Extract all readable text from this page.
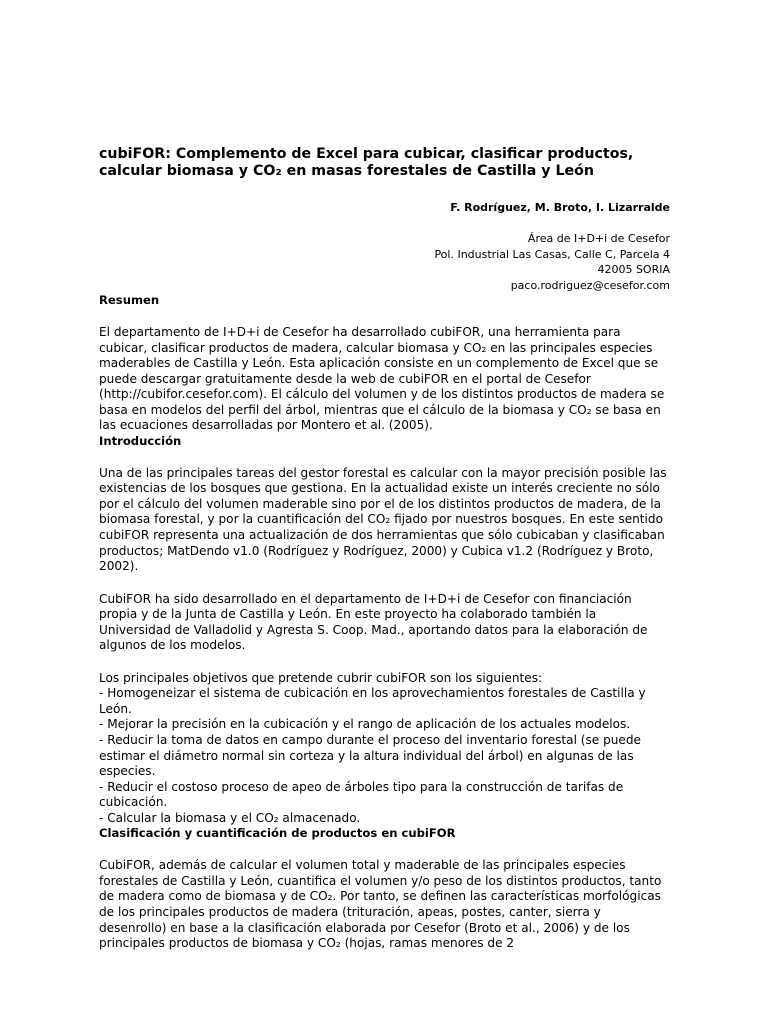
cubiFOR: Complemento de Excel para cubicar, clasificar productos,
calcular biomasa y CO₂ en masas forestales de Castilla y León
F. Rodríguez, M. Broto, I. Lizarralde
Área de I+D+i de Cesefor
Pol. Industrial Las Casas, Calle C, Parcela 4
42005 SORIA
paco.rodriguez@cesefor.com
Resumen

El departamento de I+D+i de Cesefor ha desarrollado cubiFOR, una herramienta para cubicar, clasificar productos de madera, calcular biomasa y CO₂ en las principales especies maderables de Castilla y León. Esta aplicación consiste en un complemento de Excel que se puede descargar gratuitamente desde la web de cubiFOR en el portal de Cesefor (http://cubifor.cesefor.com). El cálculo del volumen y de los distintos productos de madera se basa en modelos del perfil del árbol, mientras que el cálculo de la biomasa y CO₂ se basa en las ecuaciones desarrolladas por Montero et al. (2005).

Introducción

Una de las principales tareas del gestor forestal es calcular con la mayor precisión posible las existencias de los bosques que gestiona. En la actualidad existe un interés creciente no sólo por el cálculo del volumen maderable sino por el de los distintos productos de madera, de la biomasa forestal, y por la cuantificación del CO₂ fijado por nuestros bosques. En este sentido cubiFOR representa una actualización de dos herramientas que sólo cubicaban y clasificaban productos; MatDendo v1.0 (Rodríguez y Rodríguez, 2000) y Cubica v1.2 (Rodríguez y Broto, 2002).

CubiFOR ha sido desarrollado en el departamento de I+D+i de Cesefor con financiación propia y de la Junta de Castilla y León. En este proyecto ha colaborado también la Universidad de Valladolid y Agresta S. Coop. Mad., aportando datos para la elaboración de algunos de los modelos.

Los principales objetivos que pretende cubrir cubiFOR son los siguientes:
- Homogeneizar el sistema de cubicación en los aprovechamientos forestales de Castilla y León.
- Mejorar la precisión en la cubicación y el rango de aplicación de los actuales modelos.
- Reducir la toma de datos en campo durante el proceso del inventario forestal (se puede estimar el diámetro normal sin corteza y la altura individual del árbol) en algunas de las especies.
- Reducir el costoso proceso de apeo de árboles tipo para la construcción de tarifas de cubicación.
- Calcular la biomasa y el CO₂ almacenado.
Clasificación y cuantificación de productos en cubiFOR

CubiFOR, además de calcular el volumen total y maderable de las principales especies forestales de Castilla y León, cuantifica el volumen y/o peso de los distintos productos, tanto de madera como de biomasa y de CO₂. Por tanto, se definen las características morfológicas de los principales productos de madera (trituración, apeas, postes, canter, sierra y desenrollo) en base a la clasificación elaborada por Cesefor (Broto et al., 2006) y de los principales productos de biomasa y CO₂ (hojas, ramas menores de 2
